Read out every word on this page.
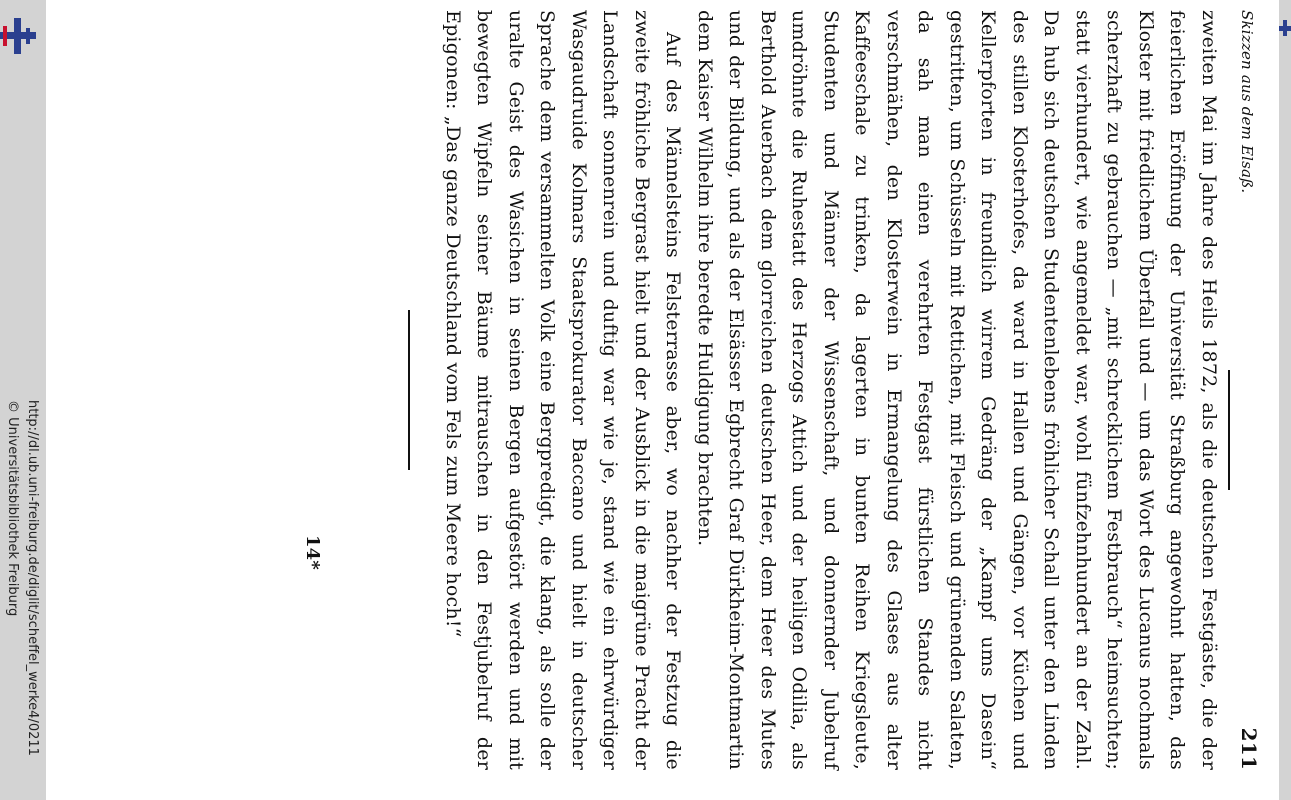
http://dl.ub.uni-freiburg.de/diglit/scheffel_werke4/0211
© Universitätsbibliothek Freiburg
Skizzen aus dem Elsaß.
211

zweiten Mai im Jahre des Heils 1872, als die deutschen Festgäste, die der feierlichen Eröffnung der Universität Straßburg angewohnt hatten, das Kloster mit friedlichem Überfall und — um das Wort des Lucanus nochmals scherzhaft zu gebrauchen — „mit schrecklichem Festbrauch“ heimsuchten; statt vierhundert, wie angemeldet war, wohl fünfzehnhundert an der Zahl. Da hub sich deutschen Studentenlebens fröhlicher Schall unter den Linden des stillen Klosterhofes, da ward in Hallen und Gängen, vor Küchen und Kellerpforten in freundlich wirrem Gedräng der „Kampf ums Dasein“ gestritten, um Schüsseln mit Rettichen, mit Fleisch und grünenden Salaten, da sah man einen verehrten Festgast fürstlichen Standes nicht verschmähen, den Klosterwein in Ermangelung des Glases aus alter Kaffeeschale zu trinken, da lagerten in bunten Reihen Kriegsleute, Studenten und Männer der Wissenschaft, und donnernder Jubelruf umdröhnte die Ruhestatt des Herzogs Attich und der heiligen Odilia, als Berthold Auerbach dem glorreichen deutschen Heer, dem Heer des Mutes und der Bildung, und als der Elsässer Egbrecht Graf Dürkheim-Montmartin dem Kaiser Wilhelm ihre beredte Huldigung brachten.

Auf des Männelsteins Felsterrasse aber, wo nachher der Festzug die zweite fröhliche Bergrast hielt und der Ausblick in die maigrüne Pracht der Landschaft sonnenrein und duftig war wie je, stand wie ein ehrwürdiger Wasgaudruide Kolmars Staatsprokurator Baccano und hielt in deutscher Sprache dem versammelten Volk eine Bergpredigt, die klang, als solle der uralte Geist des Wasichen in seinen Bergen aufgestört werden und mit bewegten Wipfeln seiner Bäume mitrauschen in den Festjubelruf der Epigonen: „Das ganze Deutschland vom Fels zum Meere hoch!“

14*
